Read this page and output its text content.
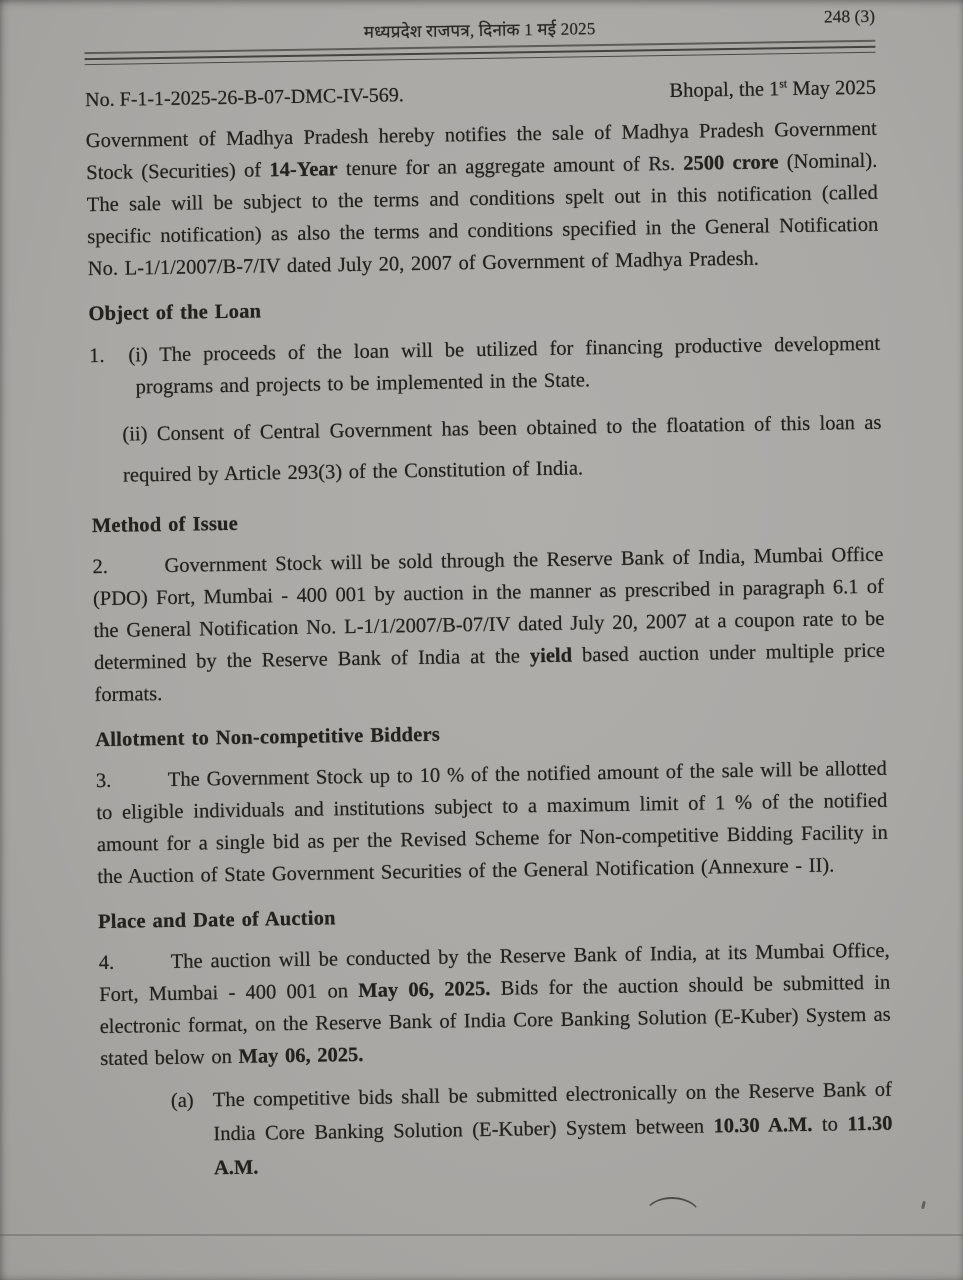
मध्यप्रदेश राजपत्र, दिनांक 1 मई 2025
248 (3)
No. F-1-1-2025-26-B-07-DMC-IV-569.	Bhopal, the 1st May 2025

Government of Madhya Pradesh hereby notifies the sale of Madhya Pradesh Government Stock (Securities) of 14-Year tenure for an aggregate amount of Rs. 2500 crore (Nominal). The sale will be subject to the terms and conditions spelt out in this notification (called specific notification) as also the terms and conditions specified in the General Notification No. L-1/1/2007/B-7/IV dated July 20, 2007 of Government of Madhya Pradesh.

Object of the Loan

1.  (i) The proceeds of the loan will be utilized for financing productive development programs and projects to be implemented in the State.

(ii) Consent of Central Government has been obtained to the floatation of this loan as required by Article 293(3) of the Constitution of India.

Method of Issue

2.	Government Stock will be sold through the Reserve Bank of India, Mumbai Office (PDO) Fort, Mumbai - 400 001 by auction in the manner as prescribed in paragraph 6.1 of the General Notification No. L-1/1/2007/B-07/IV dated July 20, 2007 at a coupon rate to be determined by the Reserve Bank of India at the yield based auction under multiple price formats.

Allotment to Non-competitive Bidders

3.	The Government Stock up to 10 % of the notified amount of the sale will be allotted to eligible individuals and institutions subject to a maximum limit of 1 % of the notified amount for a single bid as per the Revised Scheme for Non-competitive Bidding Facility in the Auction of State Government Securities of the General Notification (Annexure - II).

Place and Date of Auction

4.	The auction will be conducted by the Reserve Bank of India, at its Mumbai Office, Fort, Mumbai - 400 001 on May 06, 2025. Bids for the auction should be submitted in electronic format, on the Reserve Bank of India Core Banking Solution (E-Kuber) System as stated below on May 06, 2025.

(a) The competitive bids shall be submitted electronically on the Reserve Bank of India Core Banking Solution (E-Kuber) System between 10.30 A.M. to 11.30 A.M.
